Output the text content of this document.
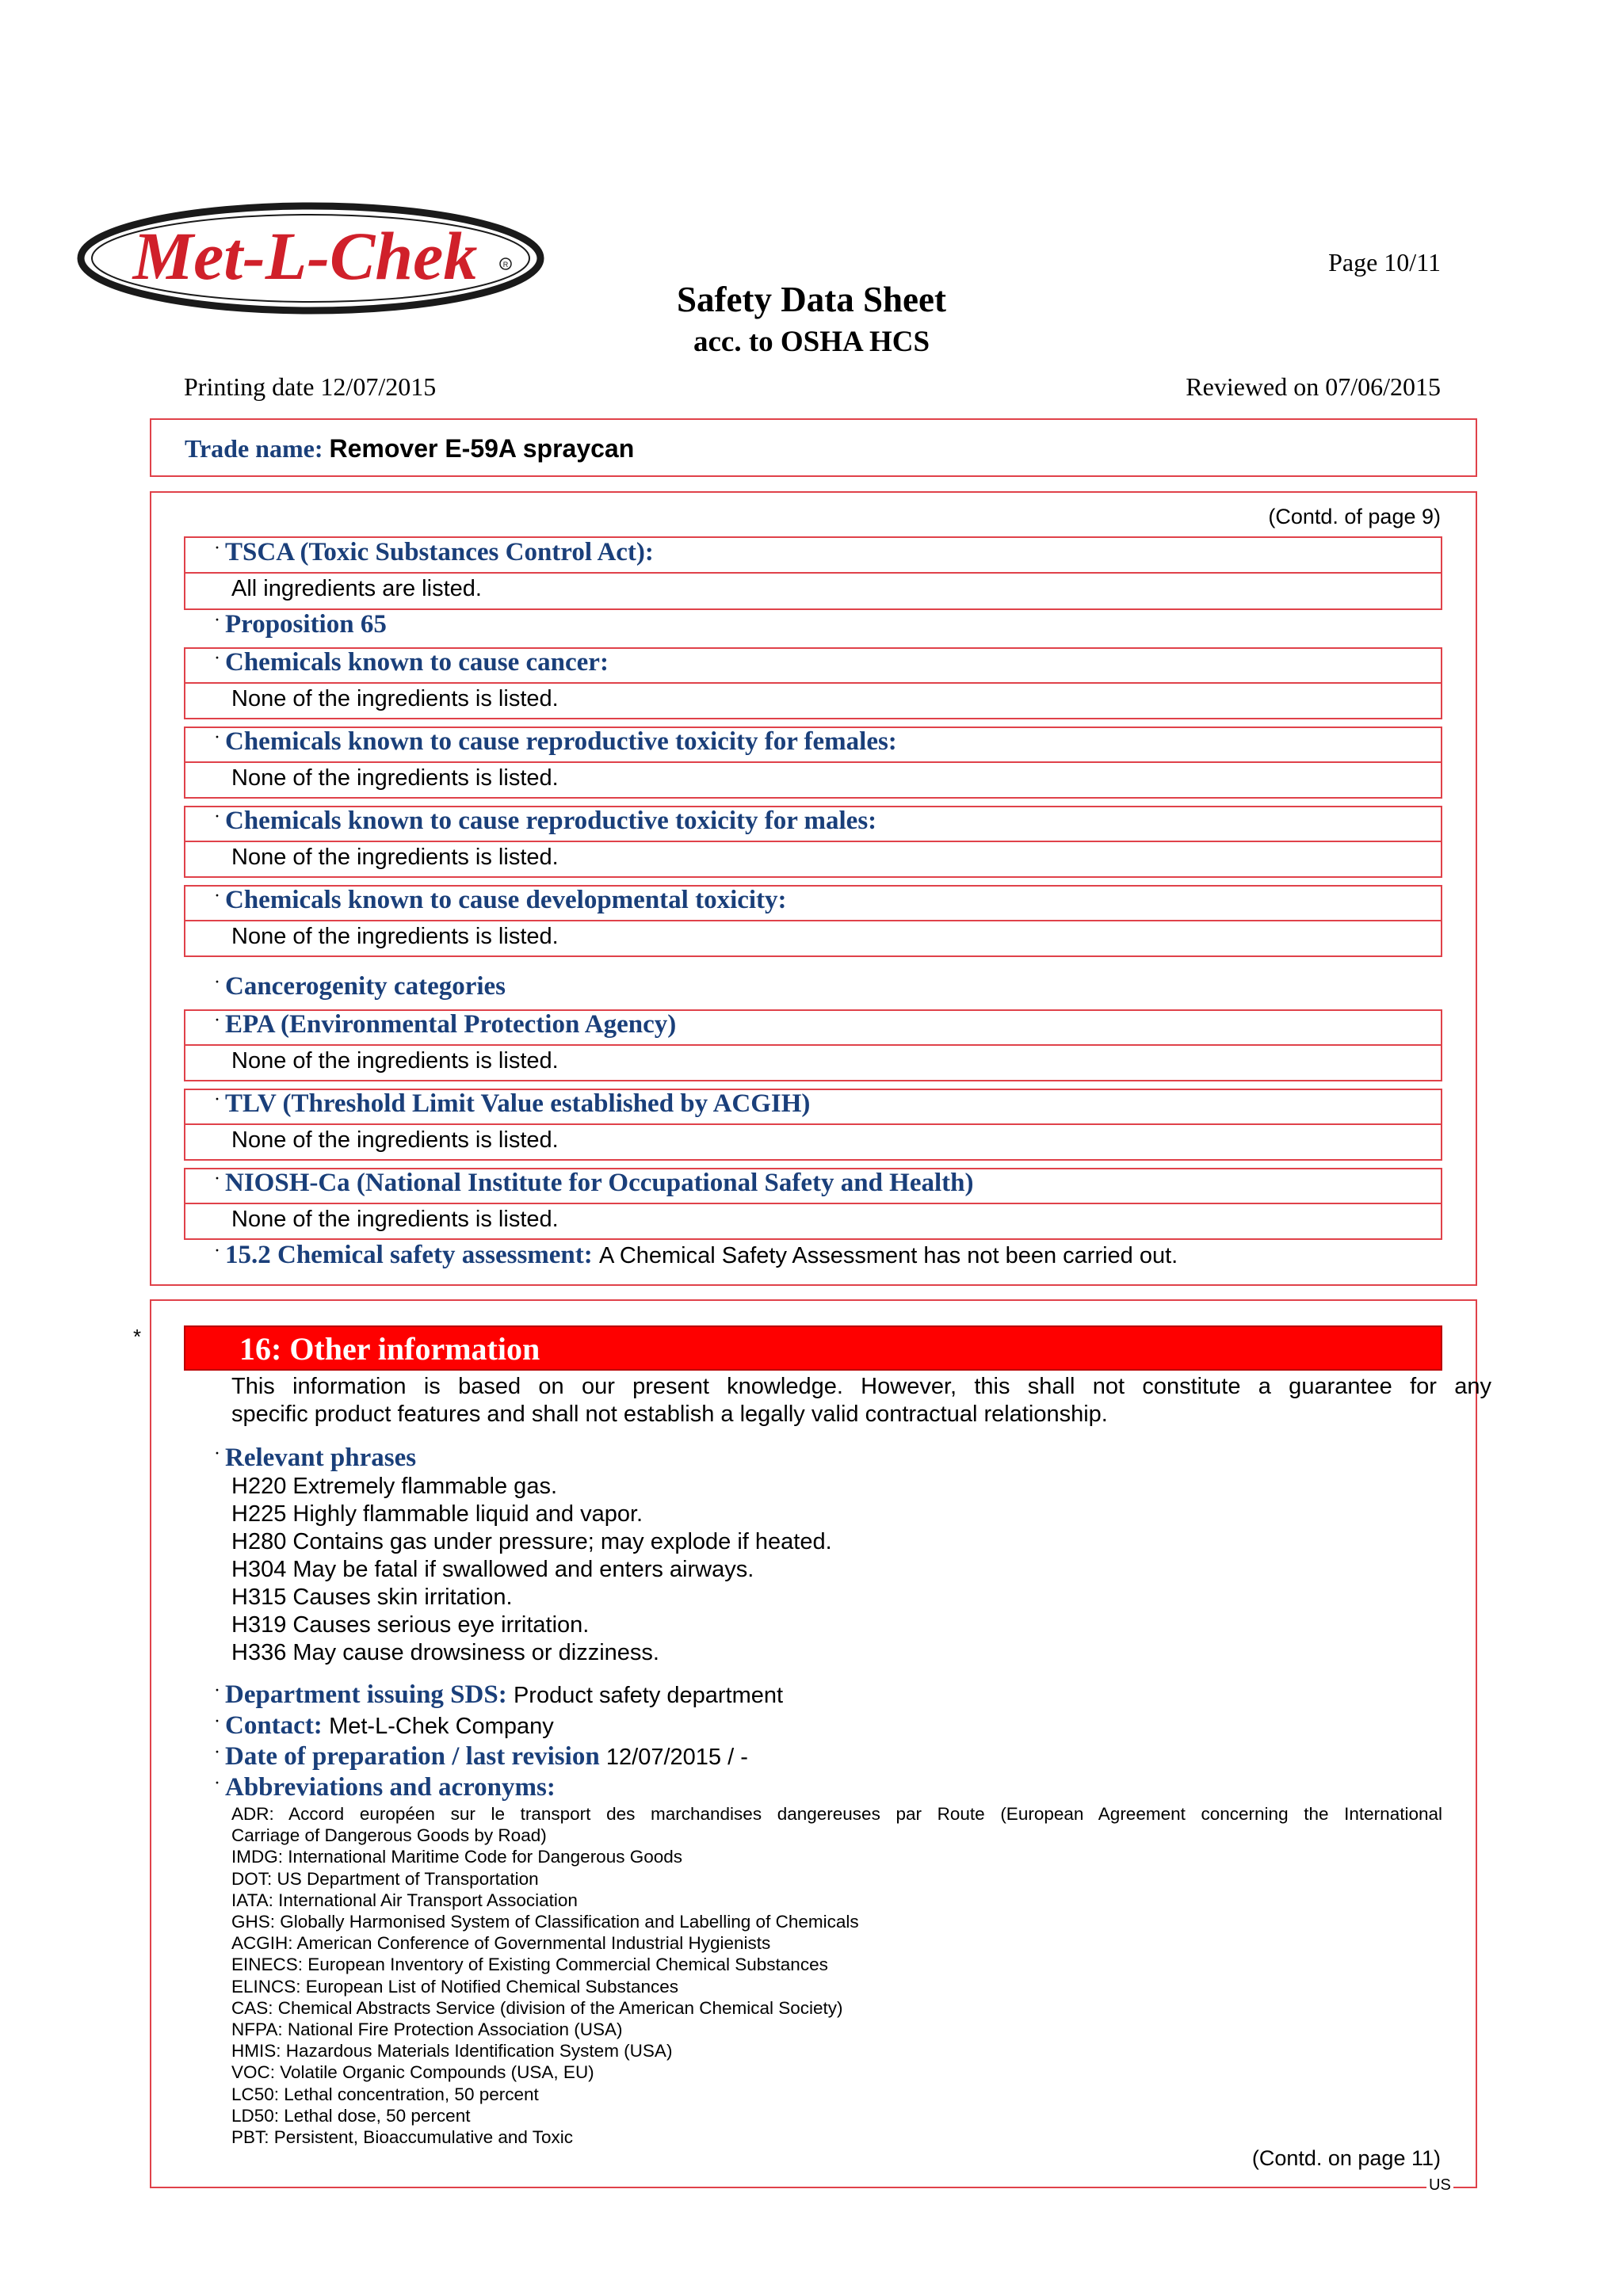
Met-L-Chek	R	Page 10/11
Safety Data Sheet
acc. to OSHA HCS
Printing date 12/07/2015	Reviewed on 07/06/2015
Trade name: Remover E-59A spraycan
(Contd. of page 9)
· TSCA (Toxic Substances Control Act):
All ingredients are listed.
· Proposition 65
· Chemicals known to cause cancer:
None of the ingredients is listed.
· Chemicals known to cause reproductive toxicity for females:
None of the ingredients is listed.
· Chemicals known to cause reproductive toxicity for males:
None of the ingredients is listed.
· Chemicals known to cause developmental toxicity:
None of the ingredients is listed.
· Cancerogenity categories
· EPA (Environmental Protection Agency)
None of the ingredients is listed.
· TLV (Threshold Limit Value established by ACGIH)
None of the ingredients is listed.
· NIOSH-Ca (National Institute for Occupational Safety and Health)
None of the ingredients is listed.
· 15.2 Chemical safety assessment: A Chemical Safety Assessment has not been carried out.
*	16: Other information
This information is based on our present knowledge. However, this shall not constitute a guarantee for any
specific product features and shall not establish a legally valid contractual relationship.
· Relevant phrases
H220 Extremely flammable gas.
H225 Highly flammable liquid and vapor.
H280 Contains gas under pressure; may explode if heated.
H304 May be fatal if swallowed and enters airways.
H315 Causes skin irritation.
H319 Causes serious eye irritation.
H336 May cause drowsiness or dizziness.
· Department issuing SDS: Product safety department
· Contact: Met-L-Chek Company
· Date of preparation / last revision 12/07/2015 / -
· Abbreviations and acronyms:
ADR: Accord européen sur le transport des marchandises dangereuses par Route (European Agreement concerning the International
Carriage of Dangerous Goods by Road)
IMDG: International Maritime Code for Dangerous Goods
DOT: US Department of Transportation
IATA: International Air Transport Association
GHS: Globally Harmonised System of Classification and Labelling of Chemicals
ACGIH: American Conference of Governmental Industrial Hygienists
EINECS: European Inventory of Existing Commercial Chemical Substances
ELINCS: European List of Notified Chemical Substances
CAS: Chemical Abstracts Service (division of the American Chemical Society)
NFPA: National Fire Protection Association (USA)
HMIS: Hazardous Materials Identification System (USA)
VOC: Volatile Organic Compounds (USA, EU)
LC50: Lethal concentration, 50 percent
LD50: Lethal dose, 50 percent
PBT: Persistent, Bioaccumulative and Toxic
(Contd. on page 11)
US
